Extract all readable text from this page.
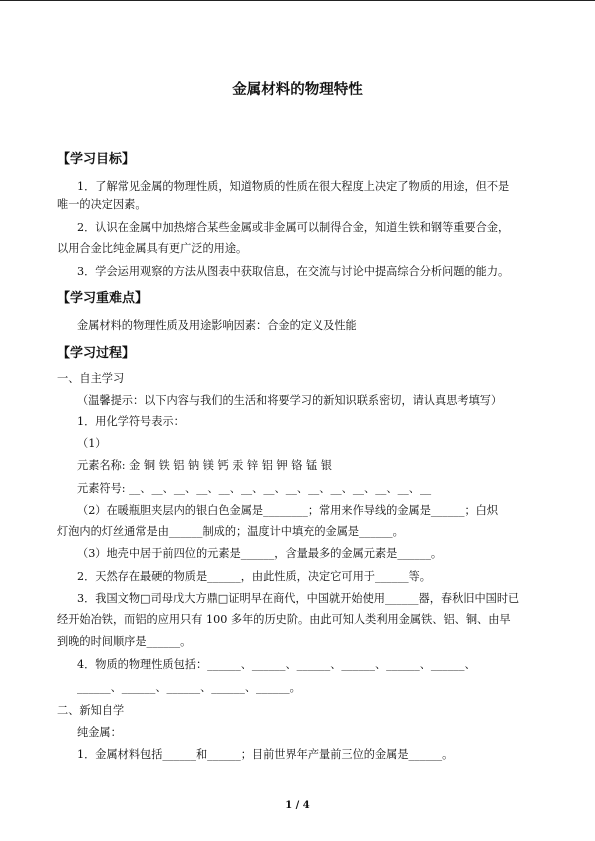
金属材料的物理特性
【学习目标】
1．了解常见金属的物理性质，知道物质的性质在很大程度上决定了物质的用途，但不是
唯一的决定因素。
2．认识在金属中加热熔合某些金属或非金属可以制得合金，知道生铁和钢等重要合金，
以用合金比纯金属具有更广泛的用途。
3．学会运用观察的方法从图表中获取信息，在交流与讨论中提高综合分析问题的能力。
【学习重难点】
金属材料的物理性质及用途影响因素：合金的定义及性能
【学习过程】
一、自主学习
（温馨提示：以下内容与我们的生活和将要学习的新知识联系密切，请认真思考填写）
1．用化学符号表示：
（1）
元素名称: 金 铜 铁 铝 钠 镁 钙 汞 锌 铝 钾 铬 锰 银
元素符号: __、__、__、__、__、__、__、__、__、__、__、__、__、__
（2）在暖瓶胆夹层内的银白色金属是________；常用来作导线的金属是______；白炽
灯泡内的灯丝通常是由______制成的；温度计中填充的金属是______。
（3）地壳中居于前四位的元素是______，含量最多的金属元素是______。
2．天然存在最硬的物质是______，由此性质，决定它可用于______等。
3．我国文物□司母戊大方鼎□证明早在商代，中国就开始使用______器，春秋旧中国时已
经开始冶铁，而铝的应用只有 100 多年的历史阶。由此可知人类利用金属铁、铝、铜、由早
到晚的时间顺序是______。
4．物质的物理性质包括：______、______、______、______、______、______、
______、______、______、______、______。
二、新知自学
纯金属：
1．金属材料包括______和______；目前世界年产量前三位的金属是______。
1 / 4
